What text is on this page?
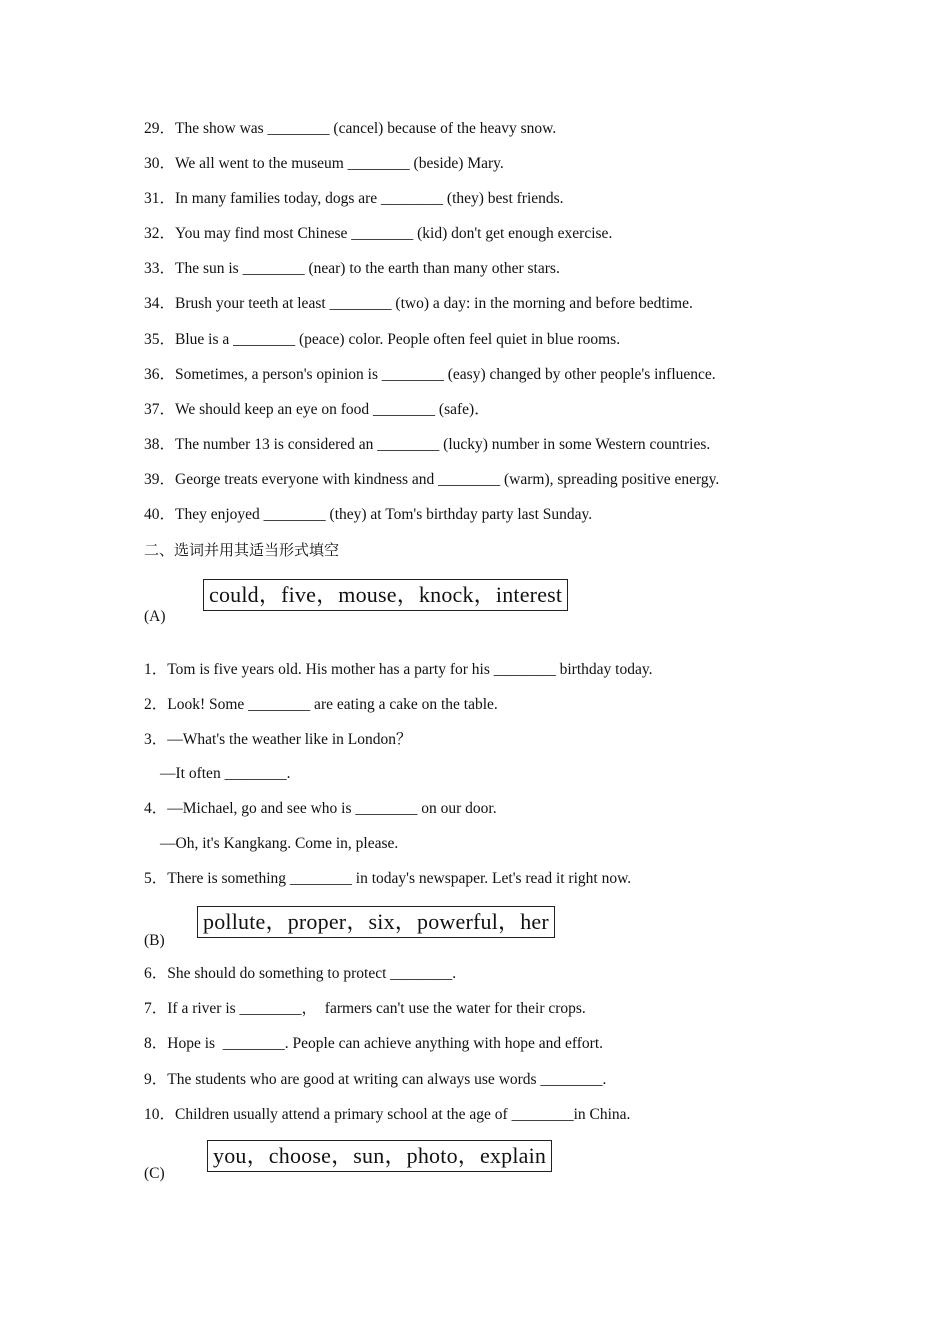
29．The show was ________ (cancel) because of the heavy snow.
30．We all went to the museum ________ (beside) Mary.
31．In many families today, dogs are ________ (they) best friends.
32．You may find most Chinese ________ (kid) don't get enough exercise.
33．The sun is ________ (near) to the earth than many other stars.
34．Brush your teeth at least ________ (two) a day: in the morning and before bedtime.
35．Blue is a ________ (peace) color. People often feel quiet in blue rooms.
36．Sometimes, a person's opinion is ________ (easy) changed by other people's influence.
37．We should keep an eye on food ________ (safe)．
38．The number 13 is considered an ________ (lucky) number in some Western countries.
39．George treats everyone with kindness and ________ (warm), spreading positive energy.
40．They enjoyed ________ (they) at Tom's birthday party last Sunday.
二、选词并用其适当形式填空
could，five，mouse，knock，interest
(A)
1．Tom is five years old. His mother has a party for his ________ birthday today.
2．Look! Some ________ are eating a cake on the table.
3．—What's the weather like in London？
—It often ________.
4．—Michael, go and see who is ________ on our door.
—Oh, it's Kangkang. Come in, please.
5．There is something ________ in today's newspaper. Let's read it right now.
pollute，proper，six，powerful，her
(B)
6．She should do something to protect ________.
7．If a river is ________，  farmers can't use the water for their crops.
8．Hope is  ________. People can achieve anything with hope and effort.
9．The students who are good at writing can always use words ________.
10．Children usually attend a primary school at the age of ________in China.
you，choose，sun，photo，explain
(C)
